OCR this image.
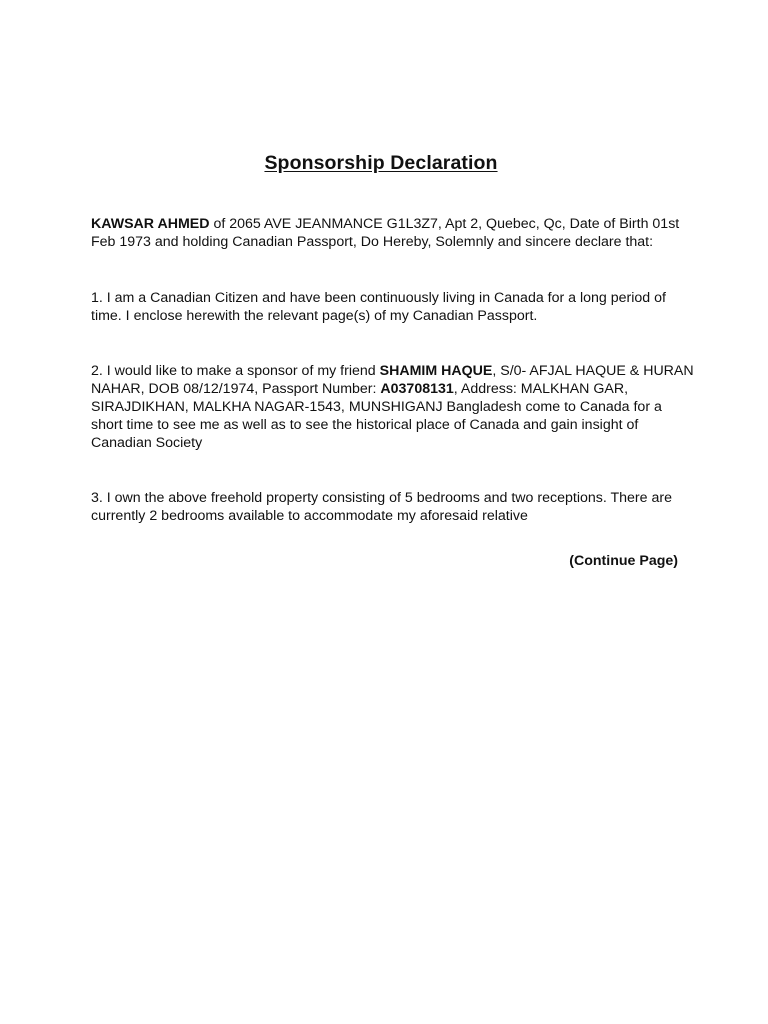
Sponsorship Declaration

KAWSAR AHMED of 2065 AVE JEANMANCE G1L3Z7, Apt 2, Quebec, Qc, Date of Birth 01st
Feb 1973 and holding Canadian Passport, Do Hereby, Solemnly and sincere declare that:

1. I am a Canadian Citizen and have been continuously living in Canada for a long period of
time. I enclose herewith the relevant page(s) of my Canadian Passport.

2. I would like to make a sponsor of my friend SHAMIM HAQUE, S/0- AFJAL HAQUE & HURAN
NAHAR, DOB 08/12/1974, Passport Number: A03708131, Address: MALKHAN GAR,
SIRAJDIKHAN, MALKHA NAGAR-1543, MUNSHIGANJ Bangladesh come to Canada for a
short time to see me as well as to see the historical place of Canada and gain insight of
Canadian Society

3. I own the above freehold property consisting of 5 bedrooms and two receptions. There are
currently 2 bedrooms available to accommodate my aforesaid relative

(Continue Page)
